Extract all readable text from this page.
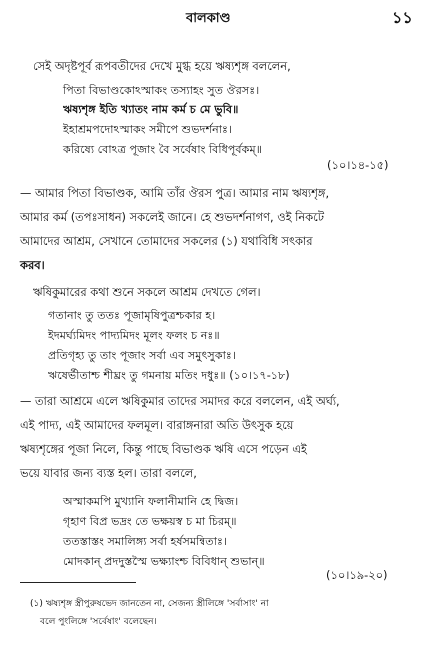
বালকাণ্ড	১১
সেই অদৃষ্টপূর্ব রূপবতীদের দেখে মুগ্ধ হয়ে ঋষ্যশৃঙ্গ বললেন,
পিতা বিভাণ্ডকোঽস্মাকং তস্যাহং সুত ঔরসঃ।
ঋষ্যশৃঙ্গ ইতি খ্যাতং নাম কর্ম চ মে ভুবি॥
ইহাশ্রমপদোঽস্মাকং সমীপে শুভদর্শনাঃ।
করিষ্যে বোঽত্র পূজাং বৈ সর্বেষাং বিধিপূর্বকম্॥
(১০।১৪-১৫)
— আমার পিতা বিভাণ্ডক, আমি তাঁর ঔরস পুত্র। আমার নাম ঋষ্যশৃঙ্গ,
আমার কর্ম (তপঃসাধন) সকলেই জানে। হে শুভদর্শনাগণ, ওই নিকটে
আমাদের আশ্রম, সেখানে তোমাদের সকলের (১) যথাবিধি সৎকার
করব।
ঋষিকুমারের কথা শুনে সকলে আশ্রম দেখতে গেল।
গতানাং তু ততঃ পূজামৃষিপুত্রশ্চকার হ।
ইদমর্ঘ্যমিদং পাদ্যমিদং মূলং ফলং চ নঃ॥
প্রতিগৃহ্য তু তাং পূজাং সর্বা এব সমুৎসুকাঃ।
ঋষের্ভীতাশ্চ শীঘ্রং তু গমনায় মতিং দধুঃ॥ (১০।১৭-১৮)
— তারা আশ্রমে এলে ঋষিকুমার তাদের সমাদর করে বললেন, এই অর্ঘ্য,
এই পাদ্য, এই আমাদের ফলমূল। বারাঙ্গনারা অতি উৎসুক হয়ে
ঋষ্যশৃঙ্গের পূজা নিলে, কিন্তু পাছে বিভাণ্ডক ঋষি এসে পড়েন এই
ভয়ে যাবার জন্য ব্যস্ত হল। তারা বললে,
অস্মাকমপি মুখ্যানি ফলানীমানি হে দ্বিজ।
গৃহাণ বিপ্র ভদ্রং তে ভক্ষয়স্ব চ মা চিরম্॥
ততস্তাস্তং সমালিঙ্গ্য সর্বা হর্ষসমন্বিতাঃ।
মোদকান্ প্রদদুস্তস্মৈ ভক্ষ্যাংশ্চ বিবিধান্ শুভান্॥
(১০।১৯-২০)
(১) ঋষ্যশৃঙ্গ স্ত্রীপুরুষভেদ জানতেন না, সেজন্য স্ত্রীলিঙ্গে 'সর্বাসাং' না
বলে পুংলিঙ্গে 'সর্বেষাং' বলেছেন।
